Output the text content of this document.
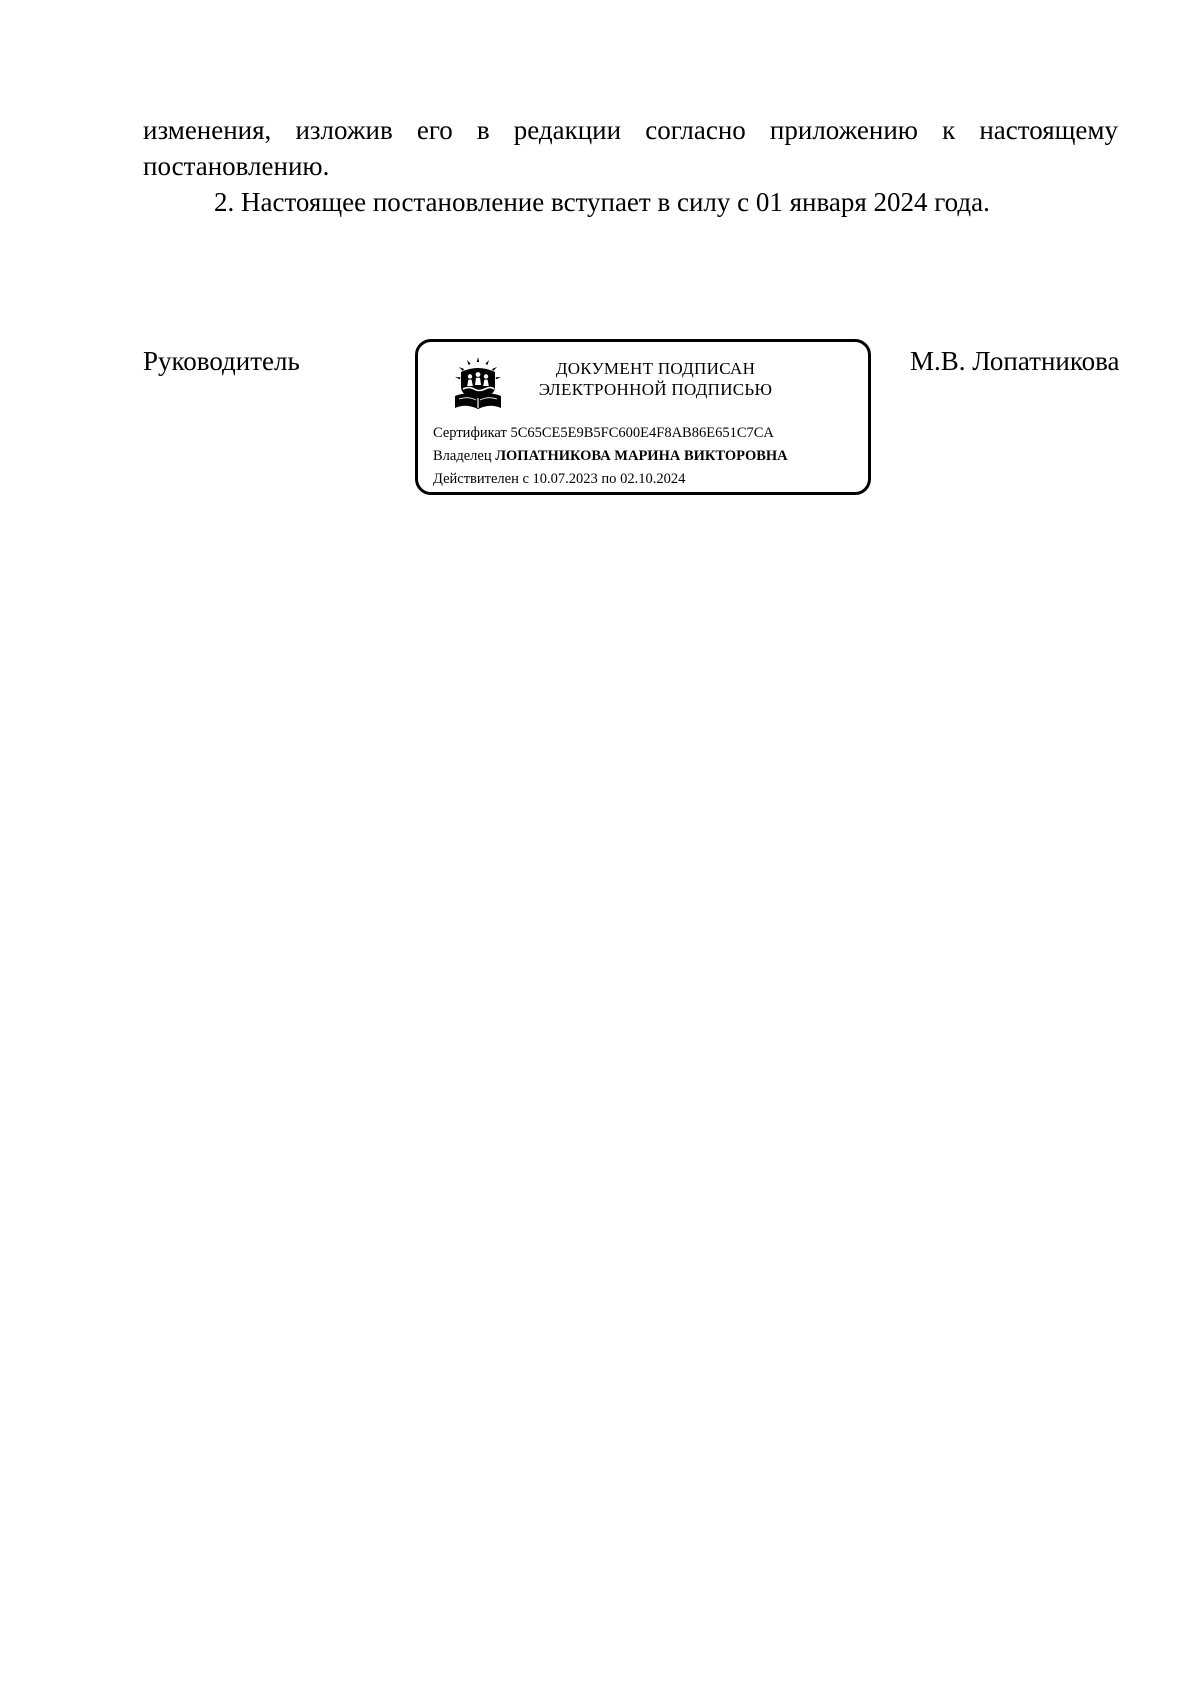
изменения, изложив его в редакции согласно приложению к настоящему постановлению.

2. Настоящее постановление вступает в силу с 01 января 2024 года.

Руководитель	ДОКУМЕНТ ПОДПИСАН
ЭЛЕКТРОННОЙ ПОДПИСЬЮ
Сертификат 5C65CE5E9B5FC600E4F8AB86E651C7CA
Владелец ЛОПАТНИКОВА МАРИНА ВИКТОРОВНА
Действителен с 10.07.2023 по 02.10.2024
М.В. Лопатникова
